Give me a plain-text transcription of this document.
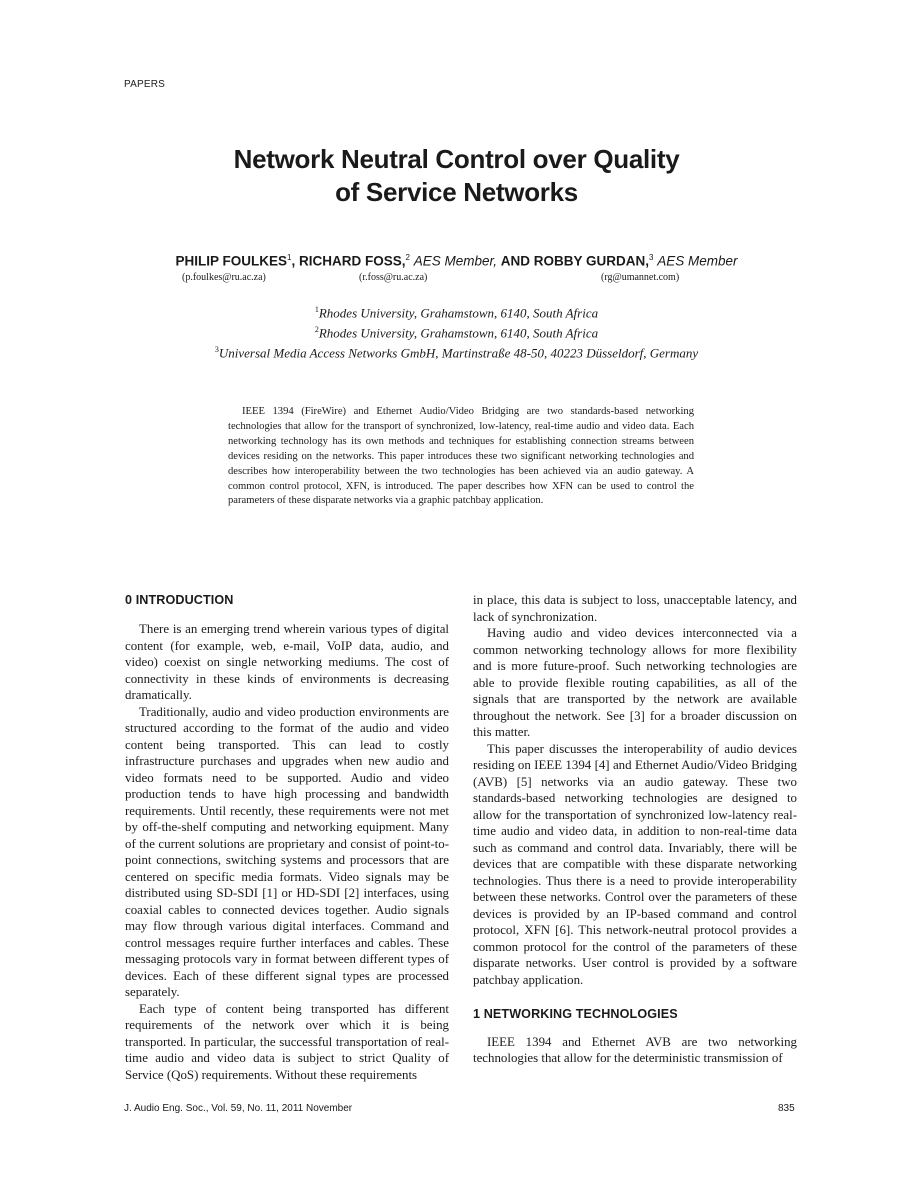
PAPERS
Network Neutral Control over Quality
of Service Networks
PHILIP FOULKES$^1$, RICHARD FOSS,$^2$ AES Member, AND ROBBY GURDAN,$^3$ AES Member
(p.foulkes@ru.ac.za)	(r.foss@ru.ac.za)	(rg@umannet.com)
$^1$Rhodes University, Grahamstown, 6140, South Africa
$^2$Rhodes University, Grahamstown, 6140, South Africa
$^3$Universal Media Access Networks GmbH, Martinstraße 48-50, 40223 Düsseldorf, Germany
IEEE 1394 (FireWire) and Ethernet Audio/Video Bridging are two standards-based networking technologies that allow for the transport of synchronized, low-latency, real-time audio and video data. Each networking technology has its own methods and techniques for establishing connection streams between devices residing on the networks. This paper introduces these two significant networking technologies and describes how interoperability between the two technologies has been achieved via an audio gateway. A common control protocol, XFN, is introduced. The paper describes how XFN can be used to control the parameters of these disparate networks via a graphic patchbay application.
0 INTRODUCTION

There is an emerging trend wherein various types of digital content (for example, web, e-mail, VoIP data, audio, and video) coexist on single networking mediums. The cost of connectivity in these kinds of environments is decreasing dramatically.

Traditionally, audio and video production environments are structured according to the format of the audio and video content being transported. This can lead to costly infrastructure purchases and upgrades when new audio and video formats need to be supported. Audio and video production tends to have high processing and bandwidth requirements. Until recently, these requirements were not met by off-the-shelf computing and networking equipment. Many of the current solutions are proprietary and consist of point-to-point connections, switching systems and processors that are centered on specific media formats. Video signals may be distributed using SD-SDI [1] or HD-SDI [2] interfaces, using coaxial cables to connected devices together. Audio signals may flow through various digital interfaces. Command and control messages require further interfaces and cables. These messaging protocols vary in format between different types of devices. Each of these different signal types are processed separately.

Each type of content being transported has different requirements of the network over which it is being transported. In particular, the successful transportation of real-time audio and video data is subject to strict Quality of Service (QoS) requirements. Without these requirements

in place, this data is subject to loss, unacceptable latency, and lack of synchronization.

Having audio and video devices interconnected via a common networking technology allows for more flexibility and is more future-proof. Such networking technologies are able to provide flexible routing capabilities, as all of the signals that are transported by the network are available throughout the network. See [3] for a broader discussion on this matter.

This paper discusses the interoperability of audio devices residing on IEEE 1394 [4] and Ethernet Audio/Video Bridging (AVB) [5] networks via an audio gateway. These two standards-based networking technologies are designed to allow for the transportation of synchronized low-latency real-time audio and video data, in addition to non-real-time data such as command and control data. Invariably, there will be devices that are compatible with these disparate networking technologies. Thus there is a need to provide interoperability between these networks. Control over the parameters of these devices is provided by an IP-based command and control protocol, XFN [6]. This network-neutral protocol provides a common protocol for the control of the parameters of these disparate networks. User control is provided by a software patchbay application.

1 NETWORKING TECHNOLOGIES

IEEE 1394 and Ethernet AVB are two networking technologies that allow for the deterministic transmission of

J. Audio Eng. Soc., Vol. 59, No. 11, 2011 November	835
